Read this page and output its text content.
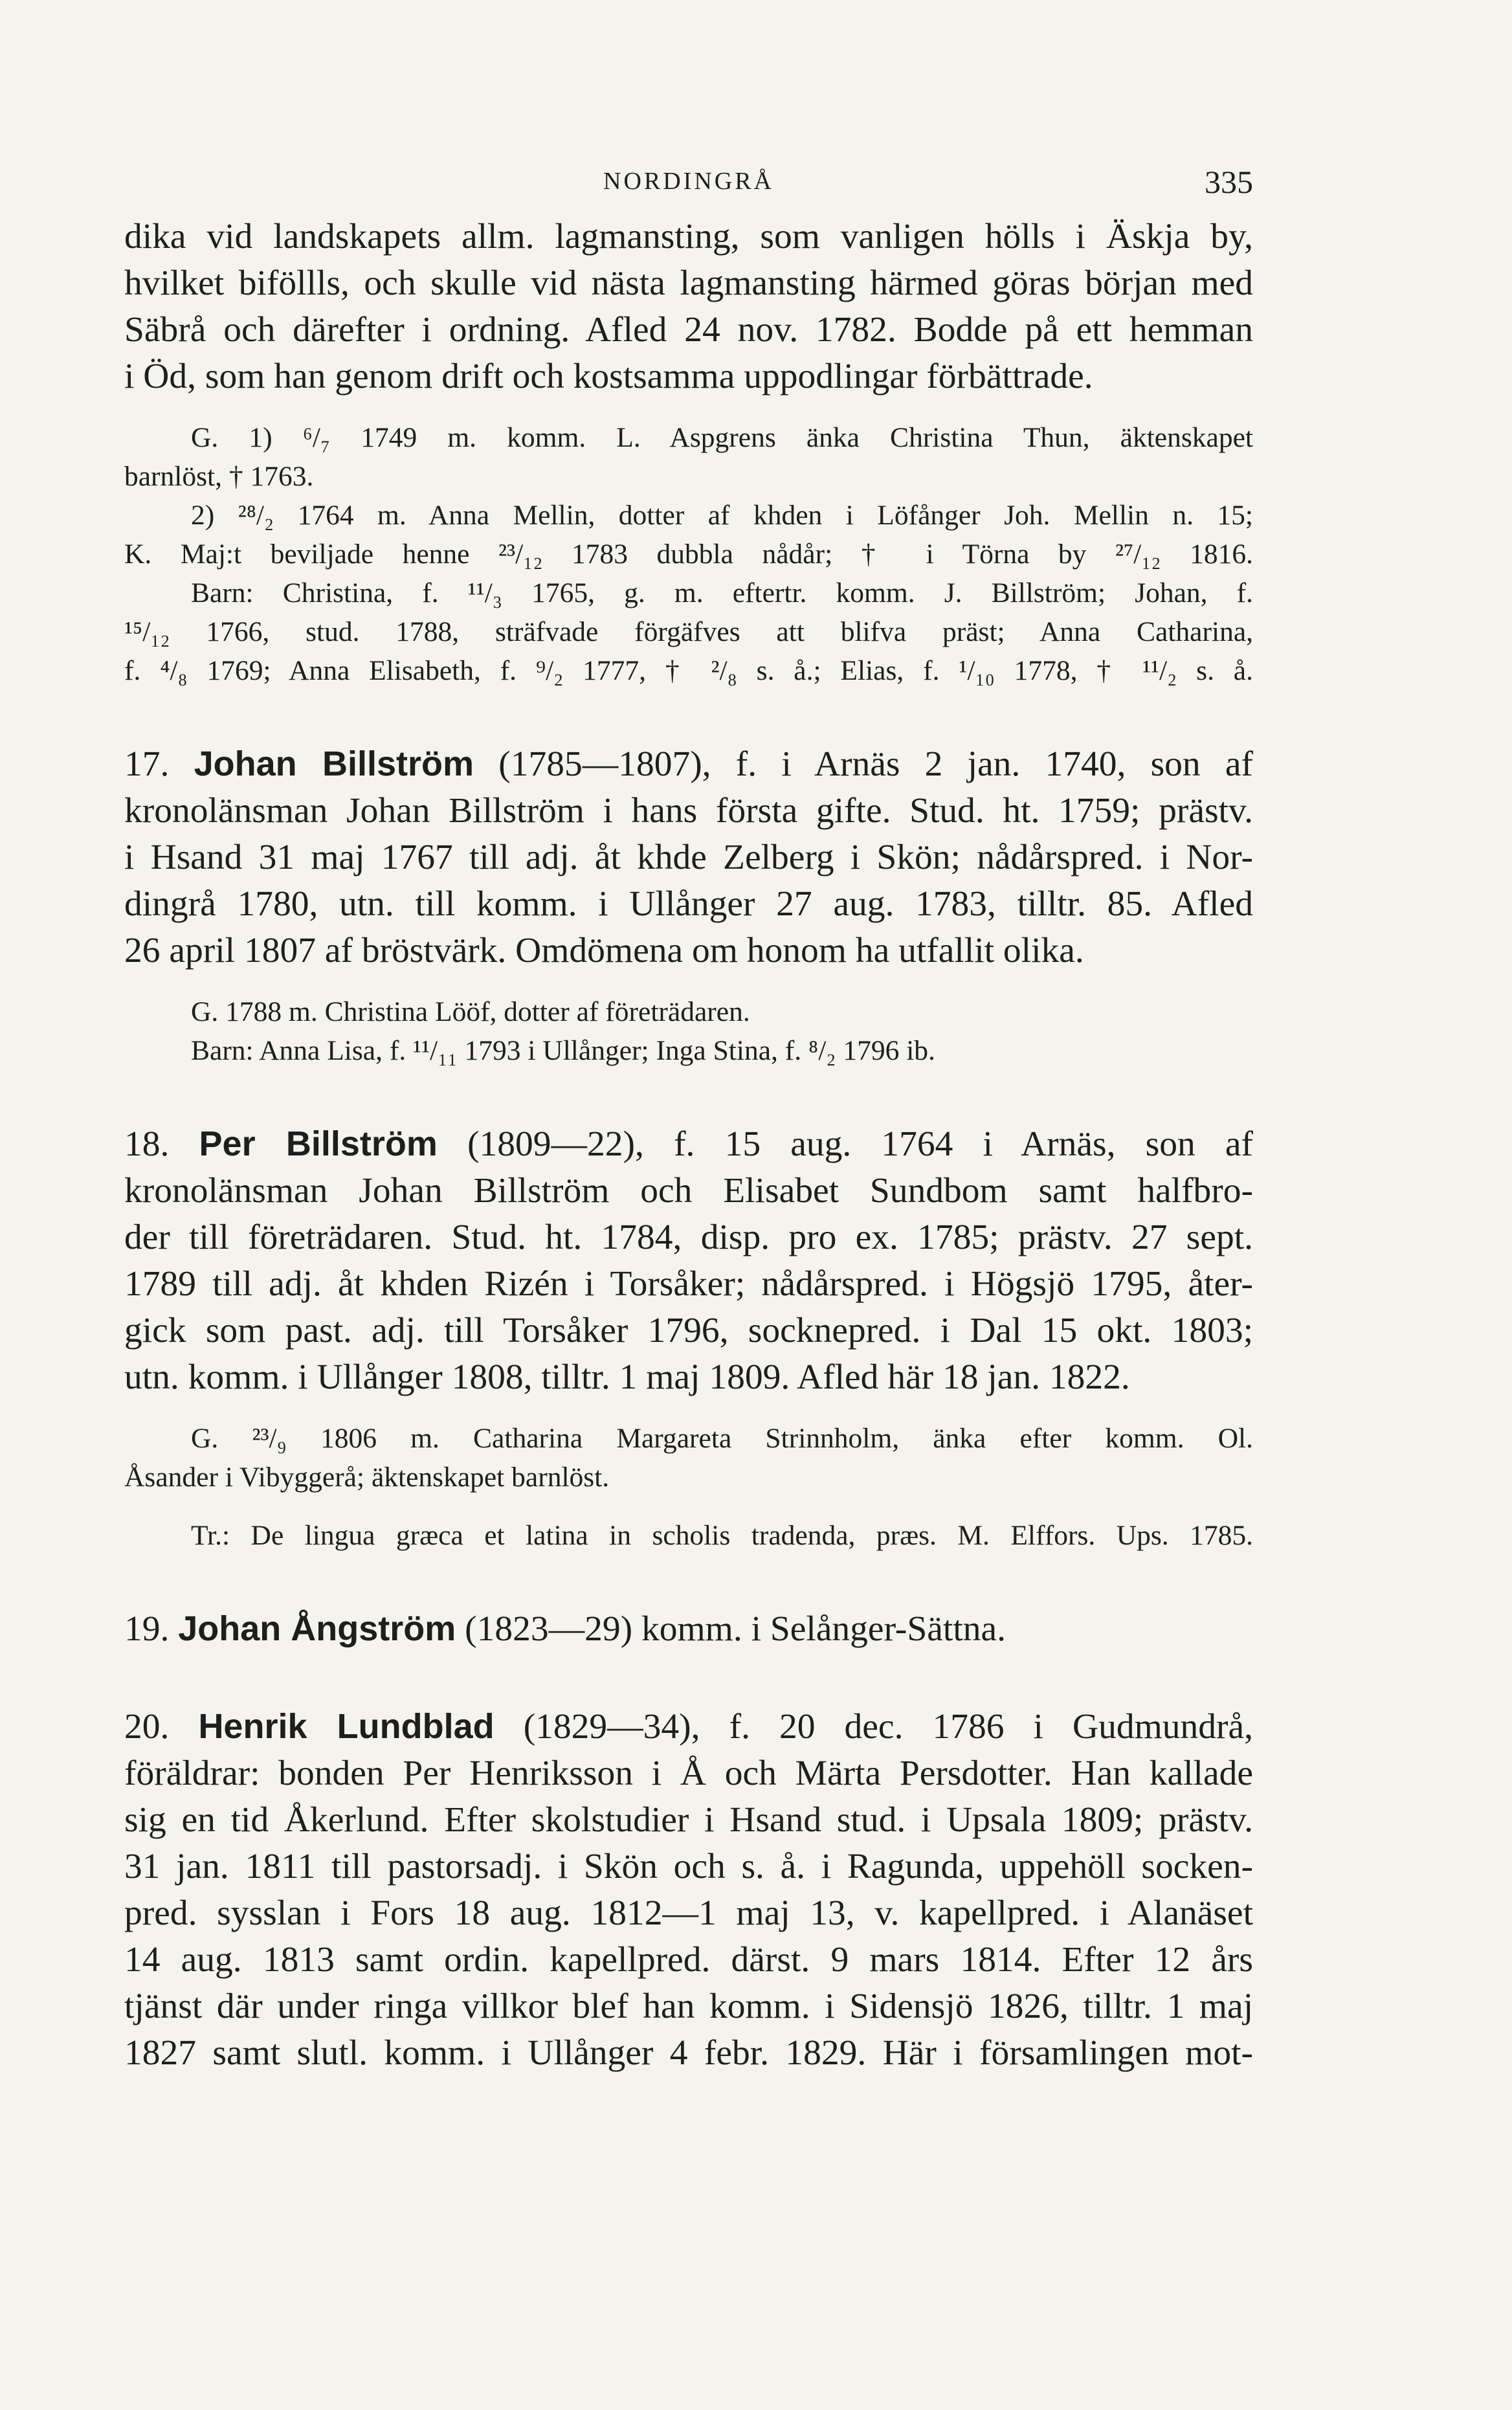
NORDINGRÅ	335

dika vid landskapets allm. lagmansting, som vanligen hölls i Äskja by,
hvilket biföllls, och skulle vid nästa lagmansting härmed göras början med
Säbrå och därefter i ordning. Afled 24 nov. 1782. Bodde på ett hemman
i Öd, som han genom drift och kostsamma uppodlingar förbättrade.

G. 1) ⁶/₇ 1749 m. komm. L. Aspgrens änka Christina Thun, äktenskapet
barnlöst, † 1763.
2) ²⁸/₂ 1764 m. Anna Mellin, dotter af khden i Löfånger Joh. Mellin n. 15;
K. Maj:t beviljade henne ²³/₁₂ 1783 dubbla nådår; † i Törna by ²⁷/₁₂ 1816.
Barn: Christina, f. ¹¹/₃ 1765, g. m. eftertr. komm. J. Billström; Johan, f.
¹⁵/₁₂ 1766, stud. 1788, sträfvade förgäfves att blifva präst; Anna Catharina,
f. ⁴/₈ 1769; Anna Elisabeth, f. ⁹/₂ 1777, † ²/₈ s. å.; Elias, f. ¹/₁₀ 1778, † ¹¹/₂ s. å.

17. Johan Billström (1785—1807), f. i Arnäs 2 jan. 1740, son af
kronolänsman Johan Billström i hans första gifte. Stud. ht. 1759; prästv.
i Hsand 31 maj 1767 till adj. åt khde Zelberg i Skön; nådårspred. i Nor-
dingrå 1780, utn. till komm. i Ullånger 27 aug. 1783, tilltr. 85. Afled
26 april 1807 af bröstvärk. Omdömena om honom ha utfallit olika.

G. 1788 m. Christina Lööf, dotter af företrädaren.
Barn: Anna Lisa, f. ¹¹/₁₁ 1793 i Ullånger; Inga Stina, f. ⁸/₂ 1796 ib.

18. Per Billström (1809—22), f. 15 aug. 1764 i Arnäs, son af
kronolänsman Johan Billström och Elisabet Sundbom samt halfbro-
der till företrädaren. Stud. ht. 1784, disp. pro ex. 1785; prästv. 27 sept.
1789 till adj. åt khden Rizén i Torsåker; nådårspred. i Högsjö 1795, åter-
gick som past. adj. till Torsåker 1796, socknepred. i Dal 15 okt. 1803;
utn. komm. i Ullånger 1808, tilltr. 1 maj 1809. Afled här 18 jan. 1822.

G. ²³/₉ 1806 m. Catharina Margareta Strinnholm, änka efter komm. Ol.
Åsander i Vibyggerå; äktenskapet barnlöst.
Tr.: De lingua græca et latina in scholis tradenda, præs. M. Elffors. Ups. 1785.

19. Johan Ångström (1823—29) komm. i Selånger-Sättna.

20. Henrik Lundblad (1829—34), f. 20 dec. 1786 i Gudmundrå,
föräldrar: bonden Per Henriksson i Å och Märta Persdotter. Han kallade
sig en tid Åkerlund. Efter skolstudier i Hsand stud. i Upsala 1809; prästv.
31 jan. 1811 till pastorsadj. i Skön och s. å. i Ragunda, uppehöll socken-
pred. sysslan i Fors 18 aug. 1812—1 maj 13, v. kapellpred. i Alanäset
14 aug. 1813 samt ordin. kapellpred. därst. 9 mars 1814. Efter 12 års
tjänst där under ringa villkor blef han komm. i Sidensjö 1826, tilltr. 1 maj
1827 samt slutl. komm. i Ullånger 4 febr. 1829. Här i församlingen mot-
